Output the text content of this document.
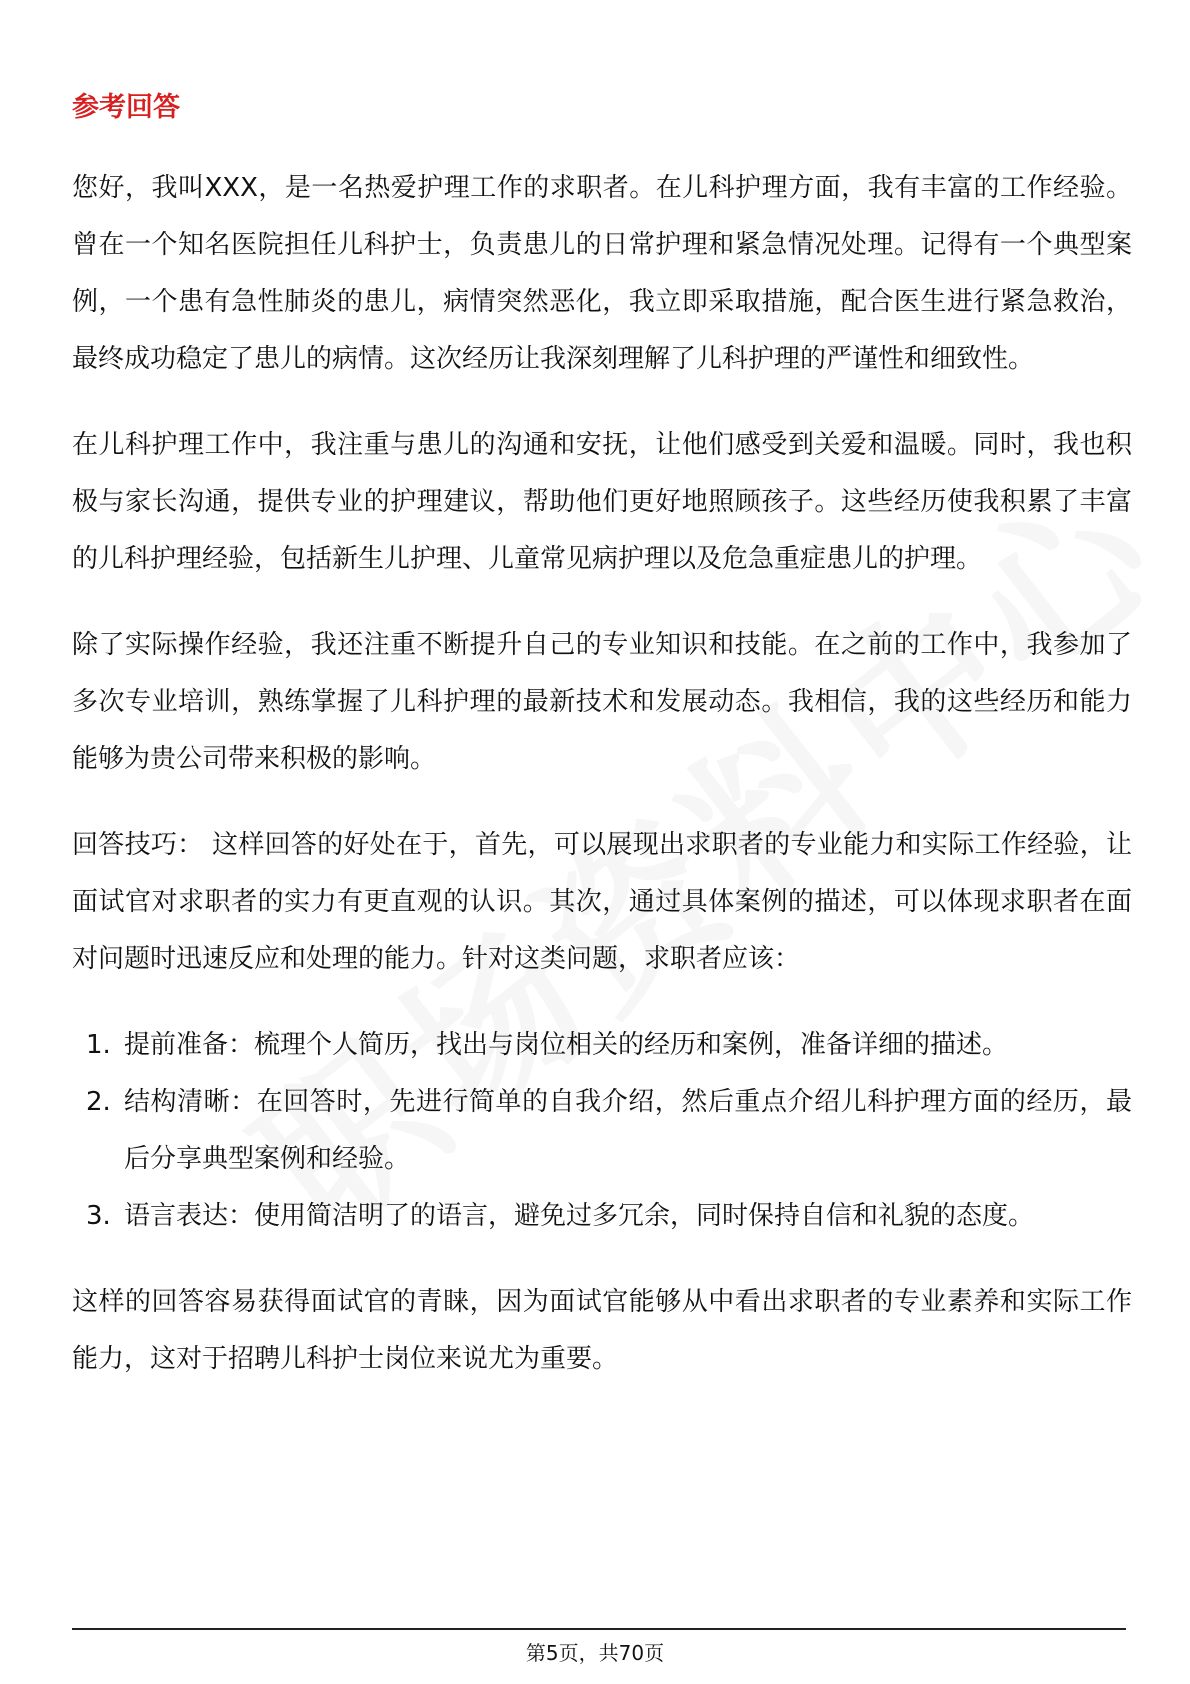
参考回答

您好，我叫XXX，是一名热爱护理工作的求职者。在儿科护理方面，我有丰富的工作经验。曾在一个知名医院担任儿科护士，负责患儿的日常护理和紧急情况处理。记得有一个典型案例，一个患有急性肺炎的患儿，病情突然恶化，我立即采取措施，配合医生进行紧急救治，最终成功稳定了患儿的病情。这次经历让我深刻理解了儿科护理的严谨性和细致性。

在儿科护理工作中，我注重与患儿的沟通和安抚，让他们感受到关爱和温暖。同时，我也积极与家长沟通，提供专业的护理建议，帮助他们更好地照顾孩子。这些经历使我积累了丰富的儿科护理经验，包括新生儿护理、儿童常见病护理以及危急重症患儿的护理。

除了实际操作经验，我还注重不断提升自己的专业知识和技能。在之前的工作中，我参加了多次专业培训，熟练掌握了儿科护理的最新技术和发展动态。我相信，我的这些经历和能力能够为贵公司带来积极的影响。

回答技巧： 这样回答的好处在于，首先，可以展现出求职者的专业能力和实际工作经验，让面试官对求职者的实力有更直观的认识。其次，通过具体案例的描述，可以体现求职者在面对问题时迅速反应和处理的能力。针对这类问题，求职者应该：

1. 提前准备：梳理个人简历，找出与岗位相关的经历和案例，准备详细的描述。
2. 结构清晰：在回答时，先进行简单的自我介绍，然后重点介绍儿科护理方面的经历，最后分享典型案例和经验。
3. 语言表达：使用简洁明了的语言，避免过多冗余，同时保持自信和礼貌的态度。

这样的回答容易获得面试官的青睐，因为面试官能够从中看出求职者的专业素养和实际工作能力，这对于招聘儿科护士岗位来说尤为重要。

第5页，共70页
